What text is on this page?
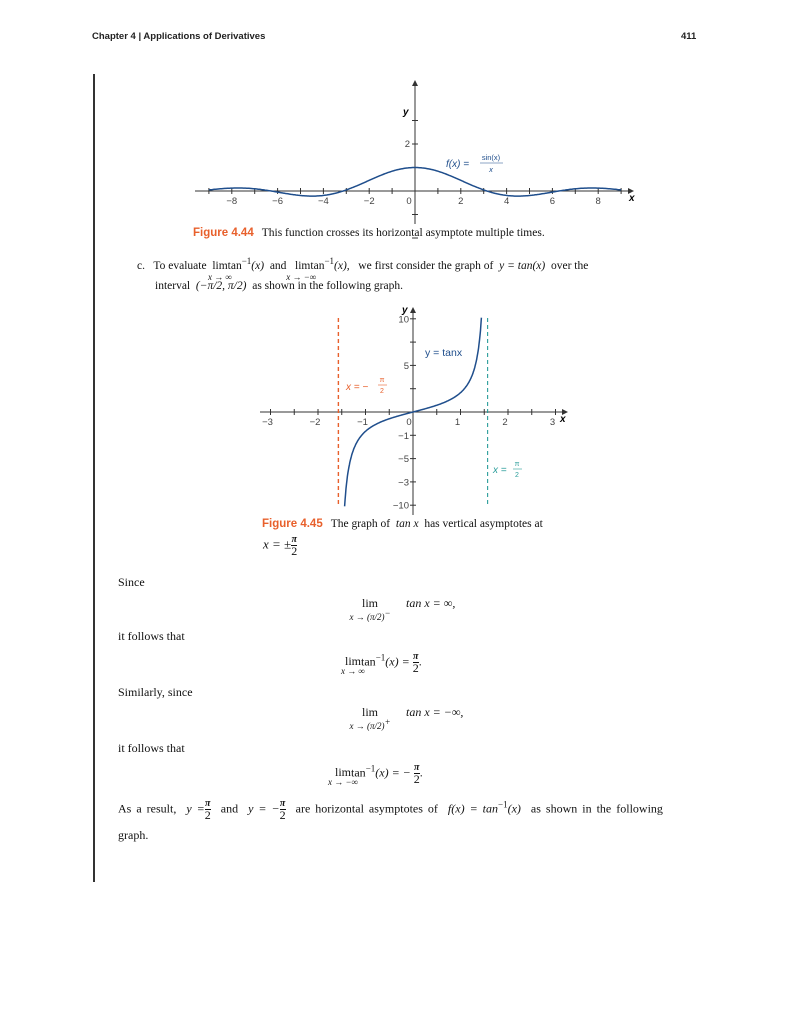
Chapter 4 | Applications of Derivatives	411
−8	−6	−4	−2	0	2	4	6	8
2
y
x
f(x) =
sin(x)
x
Figure 4.44 This function crosses its horizontal asymptote multiple times.
c. To evaluate lim
x → ∞
$\tan^{-1}(x)$ and   lim
x → −∞
$\tan^{-1}(x)$, we first consider the graph of y = tan(x) over the
interval (−π/2, π/2) as shown in the following graph.
−3	−2	−1	0	1	2	3
10
5
−1
−5
−3
−10
y
x
y = tanx
x = −
π
2
x =
π
2
Figure 4.45 The graph of tan x has vertical asymptotes at
x = ± $\frac{\pi}{2}$
Since
lim
x → (π/2)−
tan x = ∞,
it follows that
lim
x → ∞
$\tan^{-1}(x) = \frac{\pi}{2}$ .
Similarly, since
lim
x → (π/2)+
tan x = −∞,
it follows that
lim
x → −∞
$\tan^{-1}(x)$ = − $\frac{\pi}{2}$ .
As a result, $y = \frac{\pi}{2}$ and y = − $\frac{\pi}{2}$ are horizontal asymptotes of $f(x) = \tan^{-1}(x)$ as shown in the following
graph.
